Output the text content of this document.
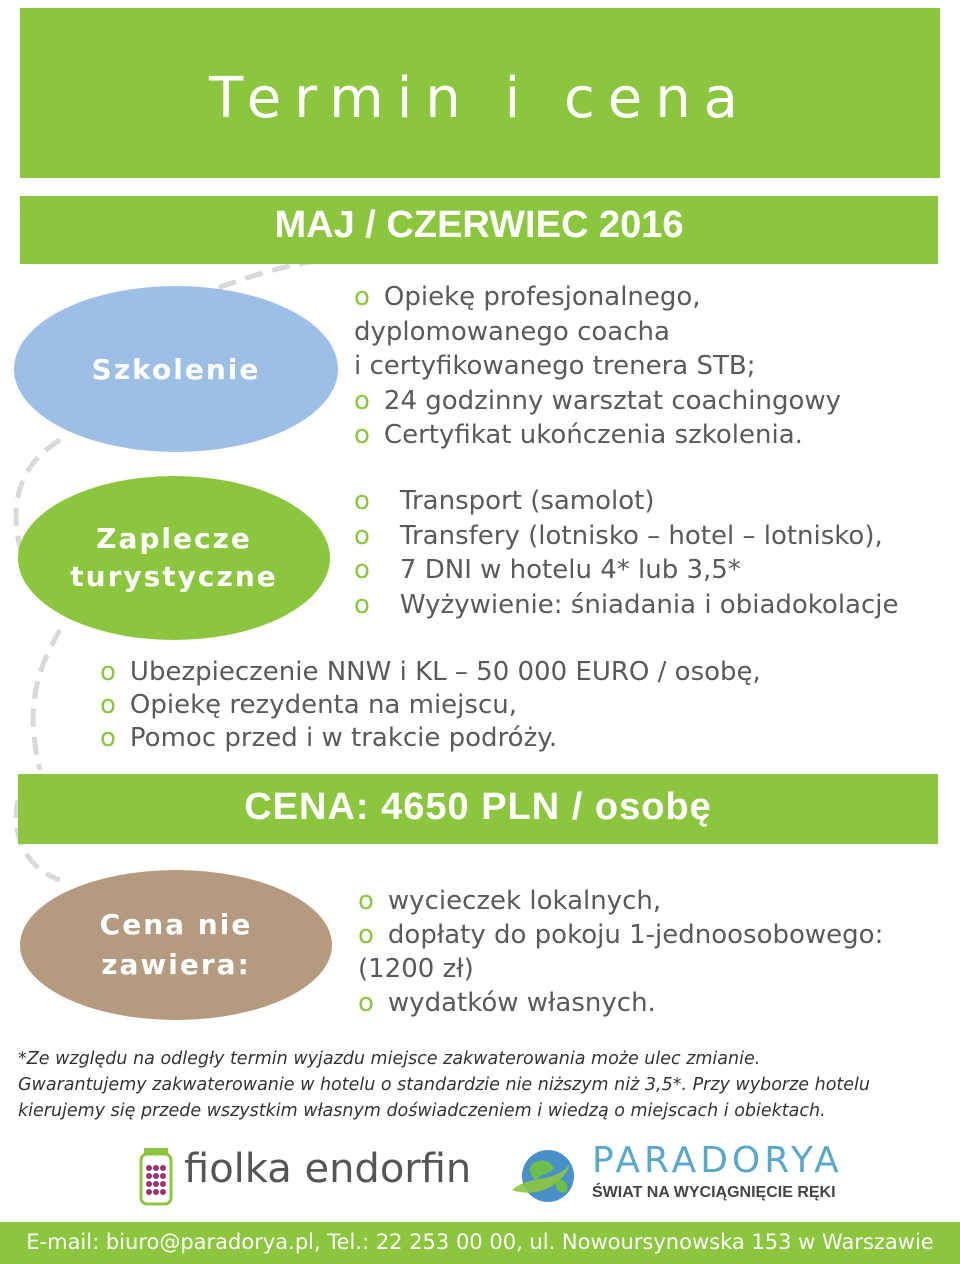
Termin i cena
MAJ / CZERWIEC 2016
Szkolenie
o Opiekę profesjonalnego,
dyplomowanego coacha
i certyfikowanego trenera STB;
o 24 godzinny warsztat coachingowy
o Certyfikat ukończenia szkolenia.
Zaplecze
turystyczne
o Transport (samolot)
o Transfery (lotnisko – hotel – lotnisko),
o 7 DNI w hotelu 4* lub 3,5*
o Wyżywienie: śniadania i obiadokolacje
o Ubezpieczenie NNW i KL – 50 000 EURO / osobę,
o Opiekę rezydenta na miejscu,
o Pomoc przed i w trakcie podróży.
CENA: 4650 PLN / osobę
Cena nie
zawiera:
o wycieczek lokalnych,
o dopłaty do pokoju 1-jednoosobowego:
(1200 zł)
o wydatków własnych.
*Ze względu na odległy termin wyjazdu miejsce zakwaterowania może ulec zmianie.
Gwarantujemy zakwaterowanie w hotelu o standardzie nie niższym niż 3,5*. Przy wyborze hotelu
kierujemy się przede wszystkim własnym doświadczeniem i wiedzą o miejscach i obiektach.
fiolka endorfin	PARADORYA
ŚWIAT NA WYCIĄGNIĘCIE RĘKI
E-mail: biuro@paradorya.pl, Tel.: 22 253 00 00, ul. Nowoursynowska 153 w Warszawie
